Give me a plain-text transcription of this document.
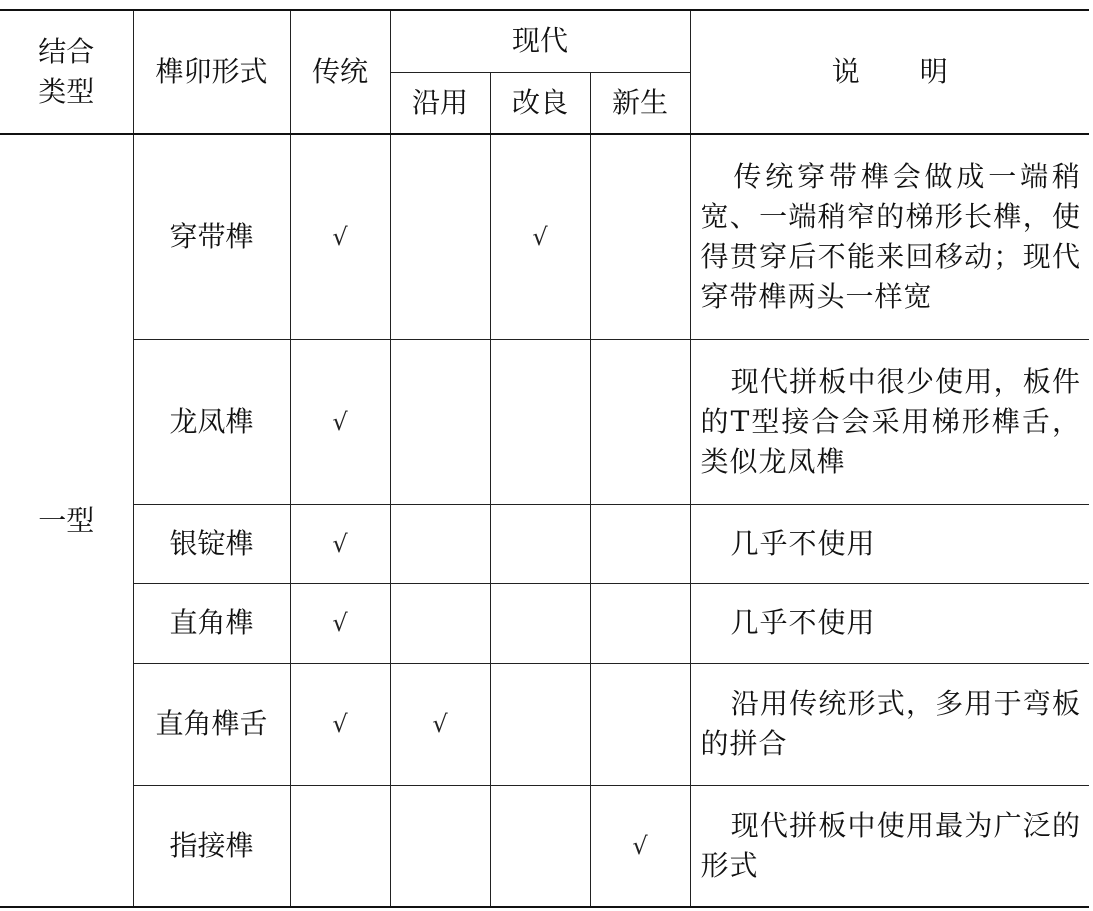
结合
类型	榫卯形式	传统	现代			说 明
			沿用	改良	新生	
一型	穿带榫	√		√		传统穿带榫会做成一端稍宽、一端稍窄的梯形长榫，使得贯穿后不能来回移动；现代穿带榫两头一样宽
	龙凤榫	√				现代拼板中很少使用，板件的T型接合会采用梯形榫舌，类似龙凤榫
	银锭榫	√				几乎不使用
	直角榫	√				几乎不使用
	直角榫舌	√	√			沿用传统形式，多用于弯板的拼合
	指接榫				√	现代拼板中使用最为广泛的形式
